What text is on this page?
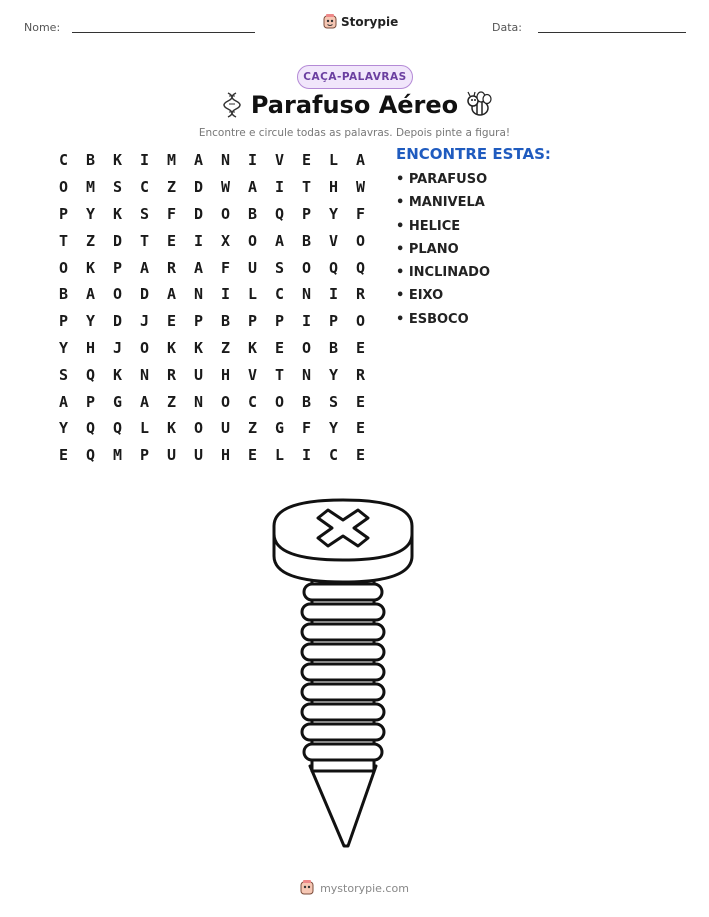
Nome:	Storypie	Data:
CAÇA-PALAVRAS
Parafuso Aéreo
Encontre e circule todas as palavras. Depois pinte a figura!
C	B	K	I	M	A	N	I	V	E	L	A
O	M	S	C	Z	D	W	A	I	T	H	W
P	Y	K	S	F	D	O	B	Q	P	Y	F
T	Z	D	T	E	I	X	O	A	B	V	O
O	K	P	A	R	A	F	U	S	O	Q	Q
B	A	O	D	A	N	I	L	C	N	I	R
P	Y	D	J	E	P	B	P	P	I	P	O
Y	H	J	O	K	K	Z	K	E	O	B	E
S	Q	K	N	R	U	H	V	T	N	Y	R
A	P	G	A	Z	N	O	C	O	B	S	E
Y	Q	Q	L	K	O	U	Z	G	F	Y	E
E	Q	M	P	U	U	H	E	L	I	C	E
ENCONTRE ESTAS:
• PARAFUSO
• MANIVELA
• HELICE
• PLANO
• INCLINADO
• EIXO
• ESBOCO
mystorypie.com
